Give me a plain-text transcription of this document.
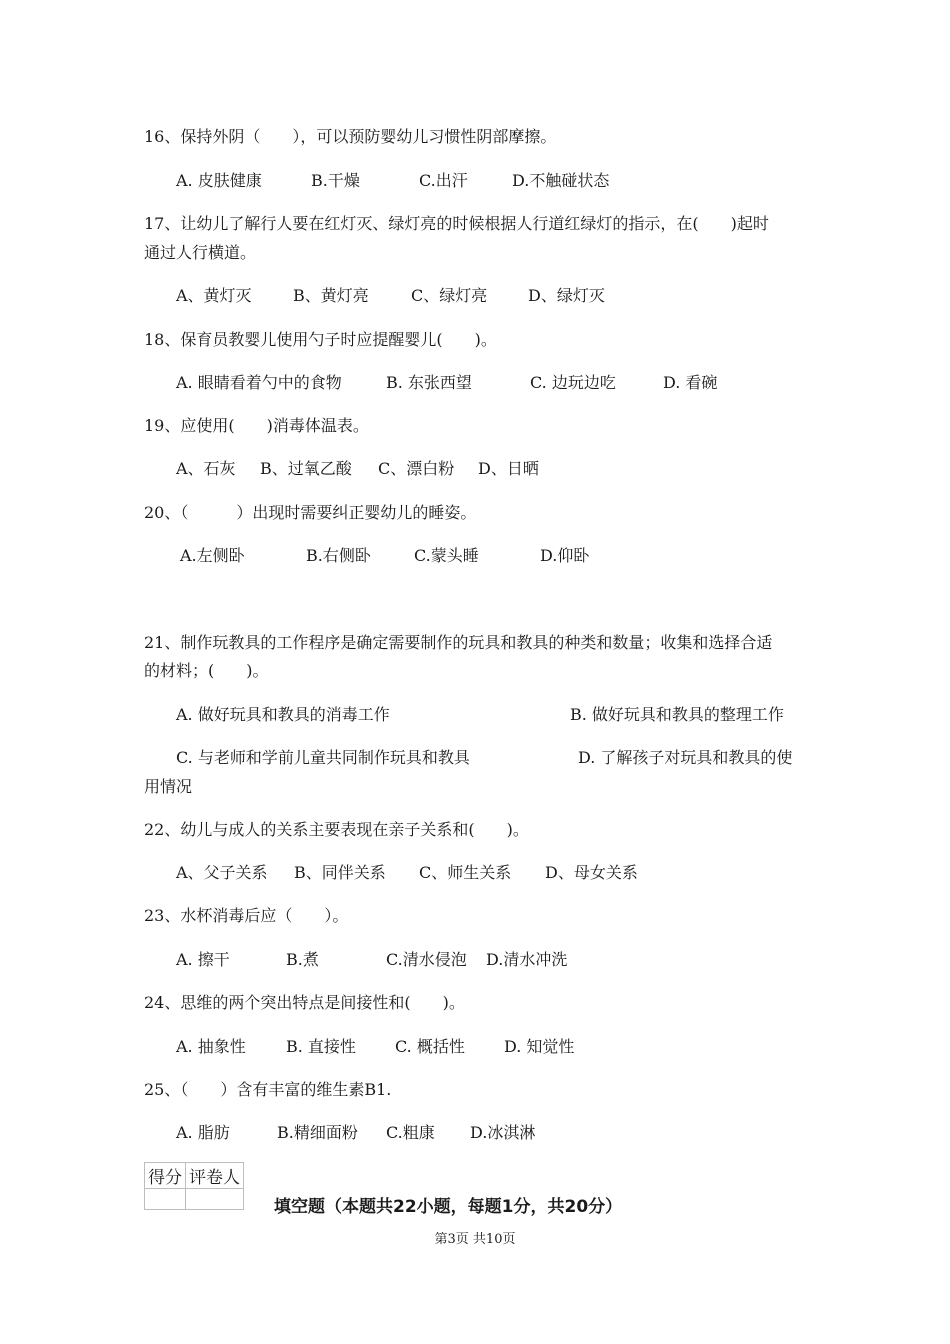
16、保持外阴（　　），可以预防婴幼儿习惯性阴部摩擦。
A. 皮肤健康	B.干燥	C.出汗	D.不触碰状态
17、让幼儿了解行人要在红灯灭、绿灯亮的时候根据人行道红绿灯的指示，在(　　)起时
通过人行横道。
A、黄灯灭	B、黄灯亮	C、绿灯亮	D、绿灯灭
18、保育员教婴儿使用勺子时应提醒婴儿(　　)。
A. 眼睛看着勺中的食物	B. 东张西望	C. 边玩边吃	D. 看碗
19、应使用(　　)消毒体温表。
A、石灰 B、过氧乙酸 C、漂白粉 D、日晒
20、（　　　）出现时需要纠正婴幼儿的睡姿。
A.左侧卧	B.右侧卧	C.蒙头睡	D.仰卧
21、制作玩教具的工作程序是确定需要制作的玩具和教具的种类和数量；收集和选择合适
的材料；(　　)。
A. 做好玩具和教具的消毒工作	B. 做好玩具和教具的整理工作
C. 与老师和学前儿童共同制作玩具和教具	D. 了解孩子对玩具和教具的使
用情况
22、幼儿与成人的关系主要表现在亲子关系和(　　)。
A、父子关系 B、同伴关系 C、师生关系 D、母女关系
23、水杯消毒后应（　　）。
A. 擦干	B.煮	C.清水侵泡 D.清水冲洗
24、思维的两个突出特点是间接性和(　　)。
A. 抽象性	B. 直接性 C. 概括性 D. 知觉性
25、（　　）含有丰富的维生素B1.
A. 脂肪	B.精细面粉 C.粗康 D.冰淇淋
得分	评卷人

填空题（本题共22小题，每题1分，共20分）
第3页 共10页
